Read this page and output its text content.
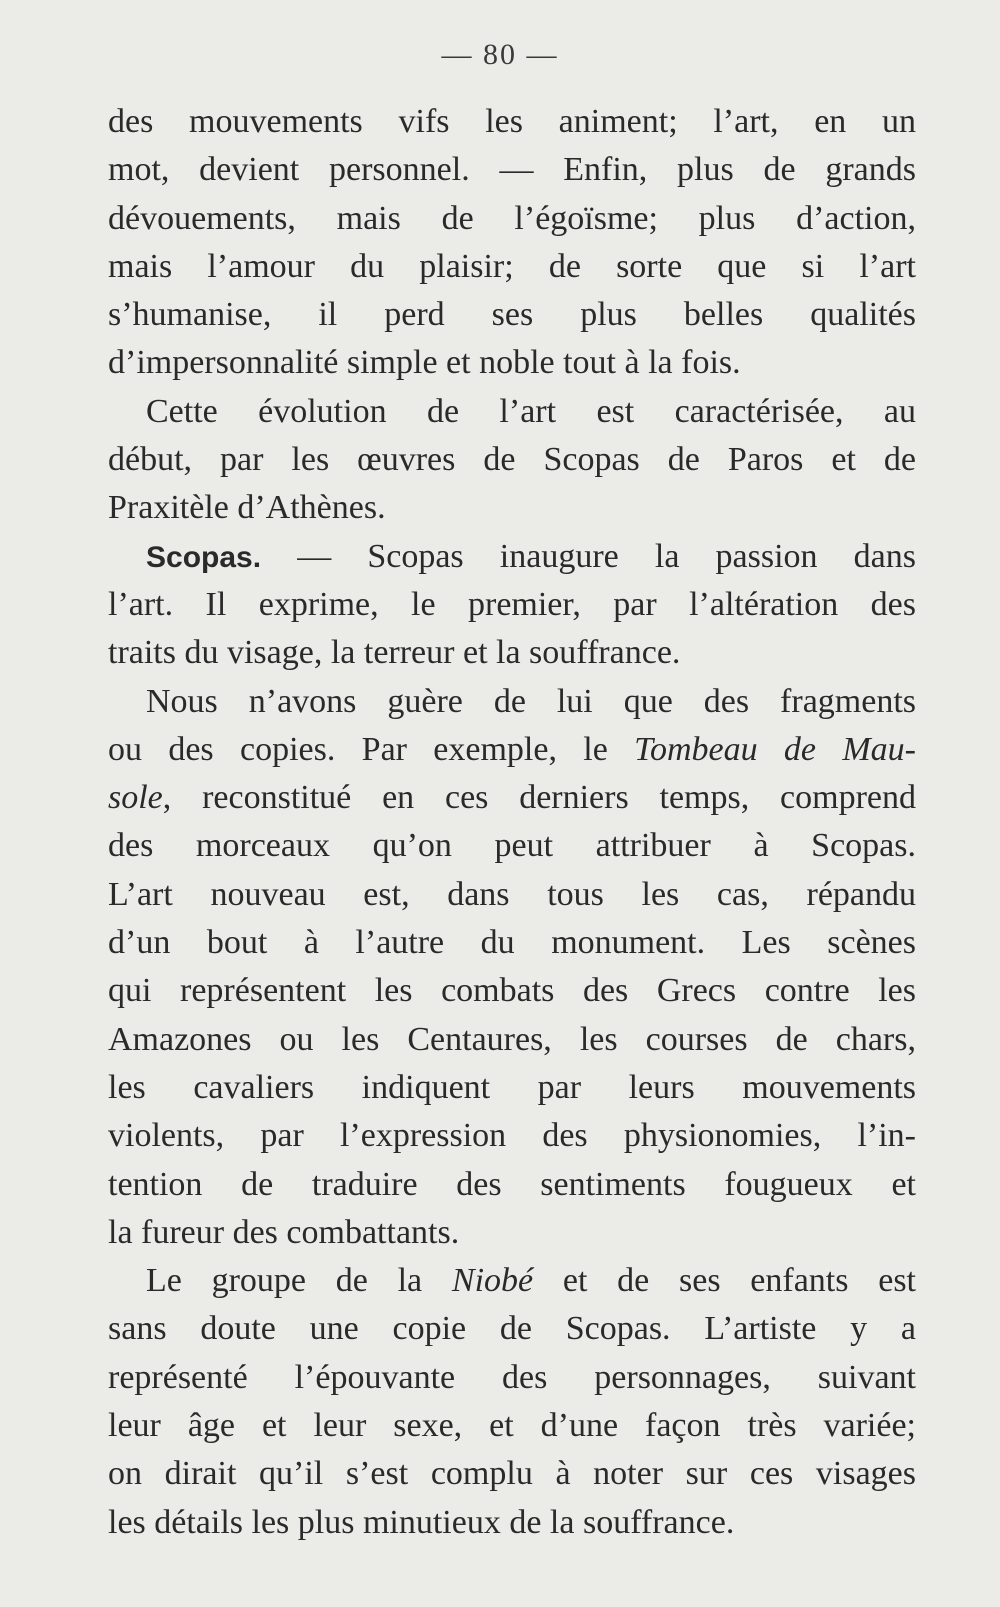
— 80 —
des mouvements vifs les animent; l’art, en un
mot, devient personnel. — Enfin, plus de grands
dévouements, mais de l’égoïsme; plus d’action,
mais l’amour du plaisir; de sorte que si l’art
s’humanise, il perd ses plus belles qualités
d’impersonnalité simple et noble tout à la fois.
Cette évolution de l’art est caractérisée, au
début, par les œuvres de Scopas de Paros et de
Praxitèle d’Athènes.
Scopas. — Scopas inaugure la passion dans
l’art. Il exprime, le premier, par l’altération des
traits du visage, la terreur et la souffrance.
Nous n’avons guère de lui que des fragments
ou des copies. Par exemple, le Tombeau de Mau-
sole, reconstitué en ces derniers temps, comprend
des morceaux qu’on peut attribuer à Scopas.
L’art nouveau est, dans tous les cas, répandu
d’un bout à l’autre du monument. Les scènes
qui représentent les combats des Grecs contre les
Amazones ou les Centaures, les courses de chars,
les cavaliers indiquent par leurs mouvements
violents, par l’expression des physionomies, l’in-
tention de traduire des sentiments fougueux et
la fureur des combattants.
Le groupe de la Niobé et de ses enfants est
sans doute une copie de Scopas. L’artiste y a
représenté l’épouvante des personnages, suivant
leur âge et leur sexe, et d’une façon très variée;
on dirait qu’il s’est complu à noter sur ces visages
les détails les plus minutieux de la souffrance.
